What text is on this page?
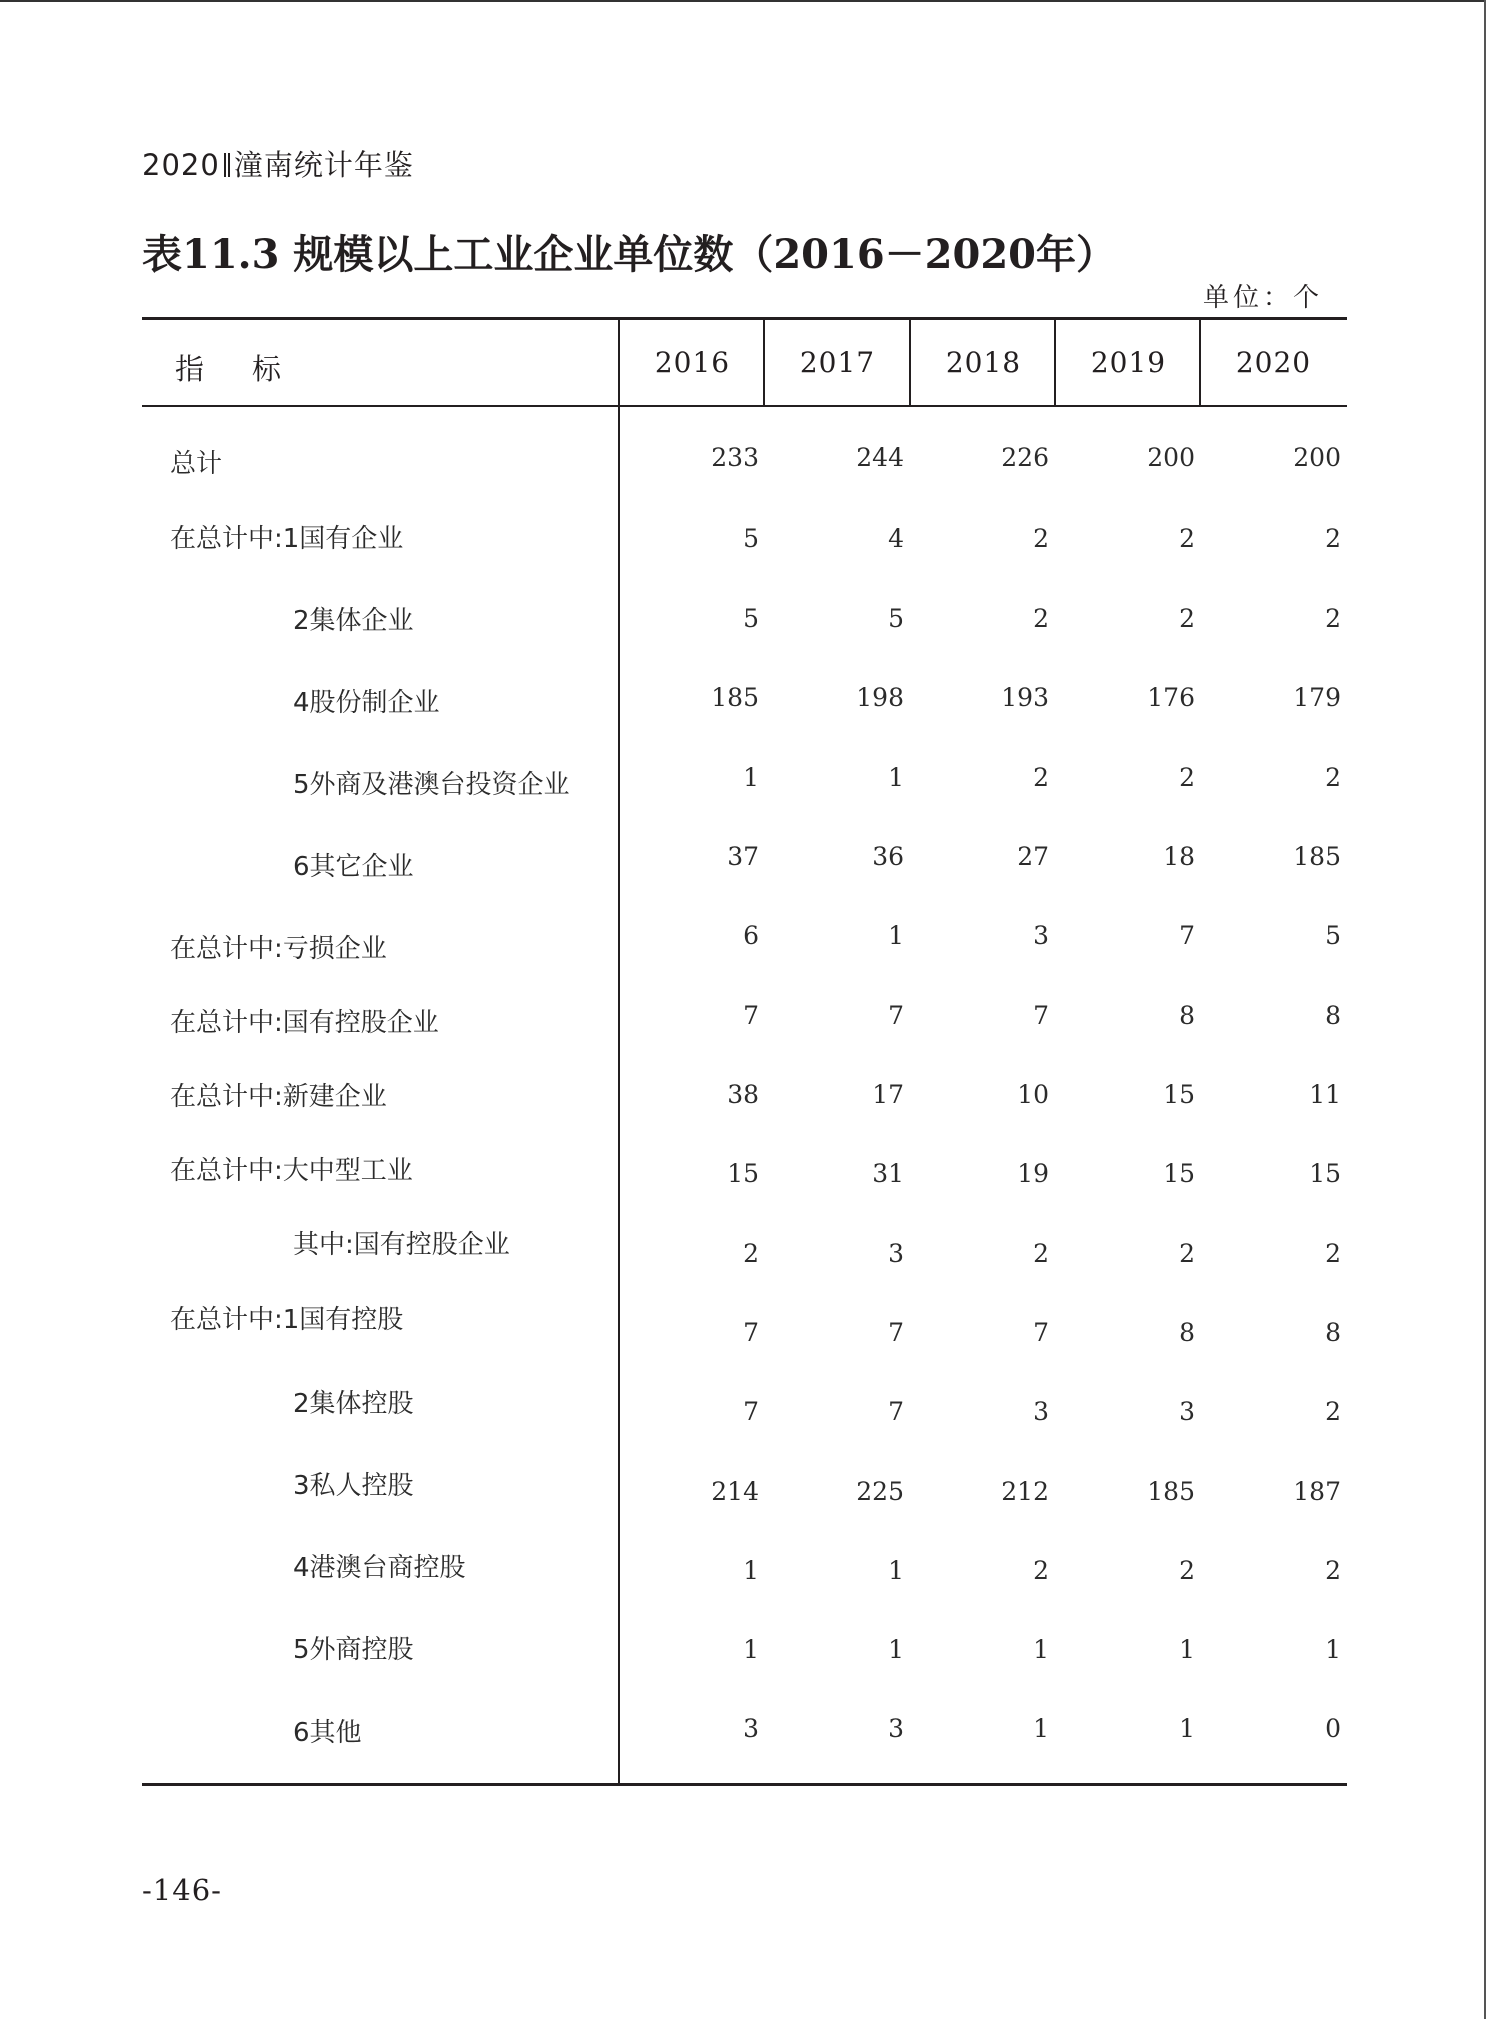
2020 潼南统计年鉴
表11.3 规模以上工业企业单位数（2016－2020年）
单位：个
指 标	2016	2017	2018	2019	2020
总计	233	244	226	200	200
在总计中:1国有企业	5	4	2	2	2
2集体企业	5	5	2	2	2
4股份制企业	185	198	193	176	179
5外商及港澳台投资企业	1	1	2	2	2
6其它企业	37	36	27	18	185
在总计中:亏损企业	6	1	3	7	5
在总计中:国有控股企业	7	7	7	8	8
在总计中:新建企业	38	17	10	15	11
在总计中:大中型工业	15	31	19	15	15
其中:国有控股企业	2	3	2	2	2
在总计中:1国有控股	7	7	7	8	8
2集体控股	7	7	3	3	2
3私人控股	214	225	212	185	187
4港澳台商控股	1	1	2	2	2
5外商控股	1	1	1	1	1
6其他	3	3	1	1	0
-146-
